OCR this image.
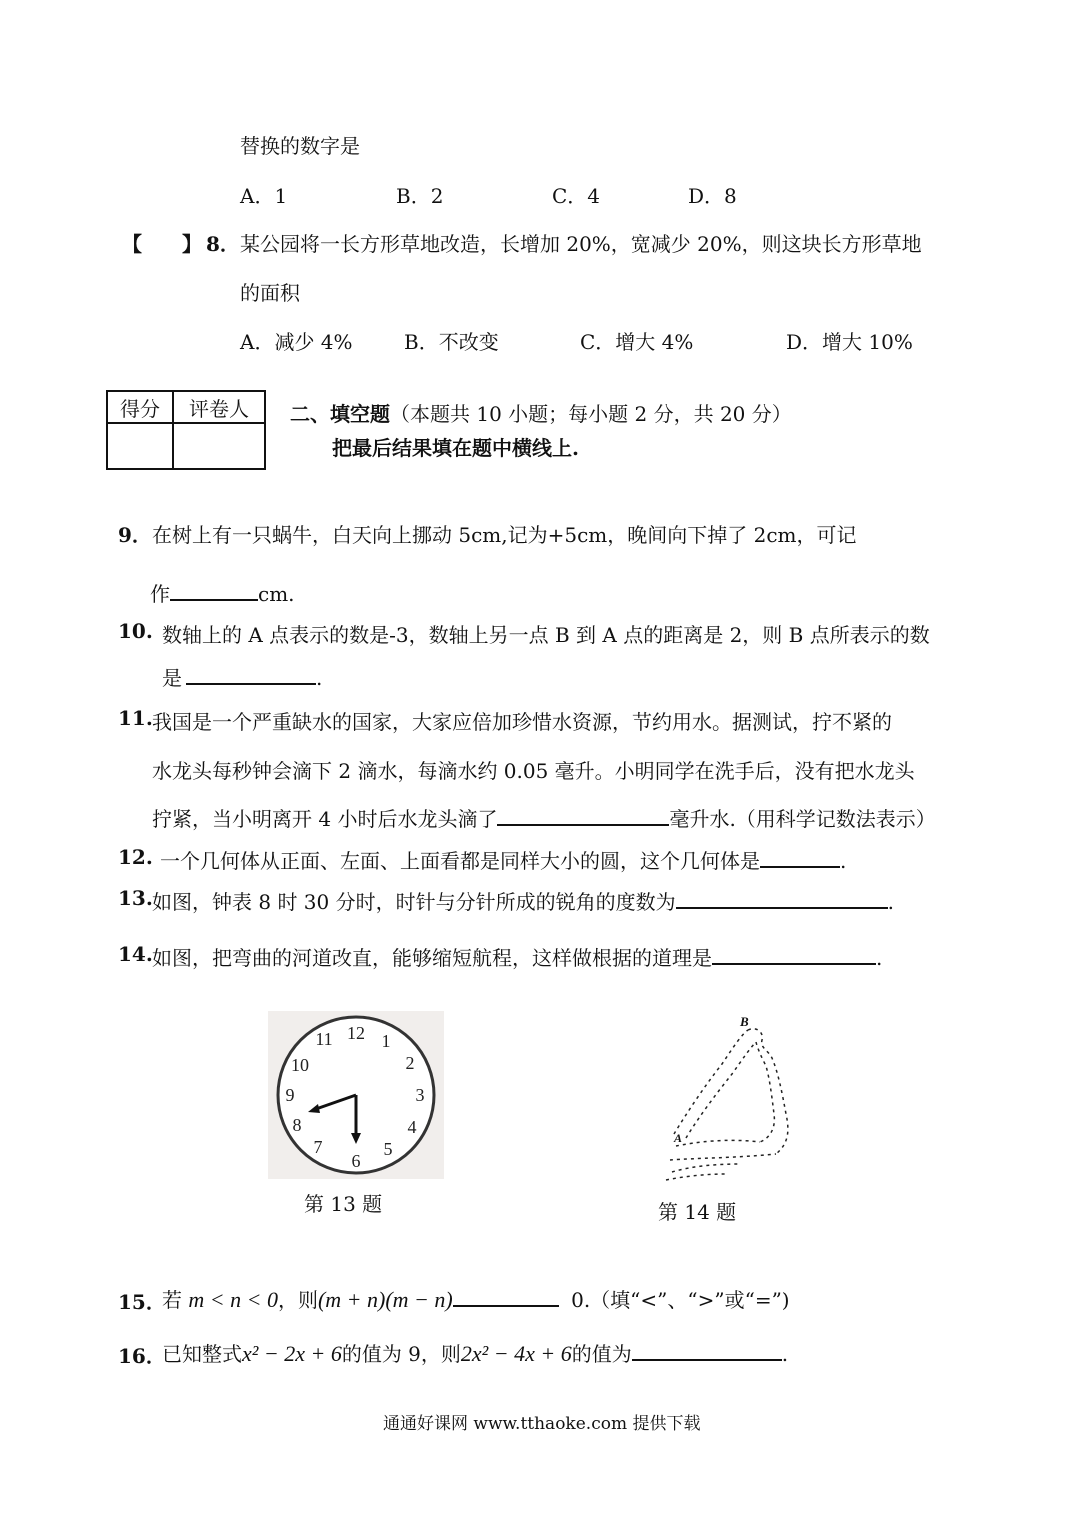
替换的数字是
A．1	B．2	C．4	D．8
【 】 8． 某公园将一长方形草地改造，长增加 20%，宽减少 20%，则这块长方形草地
的面积
A．减少 4%	B．不改变	C．增大 4%	D．增大 10%
得分	评卷人
	二、填空题（本题共 10 小题；每小题 2 分，共 20 分）
把最后结果填在题中横线上.
9． 在树上有一只蜗牛，白天向上挪动 5cm,记为+5cm，晚间向下掉了 2cm，可记
作	cm.
10. 数轴上的 A 点表示的数是-3，数轴上另一点 B 到 A 点的距离是 2，则 B 点所表示的数
是	.
11. 我国是一个严重缺水的国家，大家应倍加珍惜水资源，节约用水。据测试，拧不紧的
水龙头每秒钟会滴下 2 滴水，每滴水约 0.05 毫升。小明同学在洗手后，没有把水龙头
拧紧，当小明离开 4 小时后水龙头滴了	毫升水.（用科学记数法表示）
12. 一个几何体从正面、左面、上面看都是同样大小的圆，这个几何体是	.
13. 如图，钟表 8 时 30 分时，时针与分针所成的锐角的度数为	.
14. 如图，把弯曲的河道改直，能够缩短航程，这样做根据的道理是	.
12 1
2
3
4
5
6
7
8
9
10
11
第 13 题
B
A
第 14 题
15．
若 m < n < 0，则(m + n)(m − n)	0.（填“<”、“>”或“=”)
16．
已知整式x² − 2x + 6的值为 9，则2x² − 4x + 6的值为	.
通通好课网 www.tthaoke.com 提供下载
